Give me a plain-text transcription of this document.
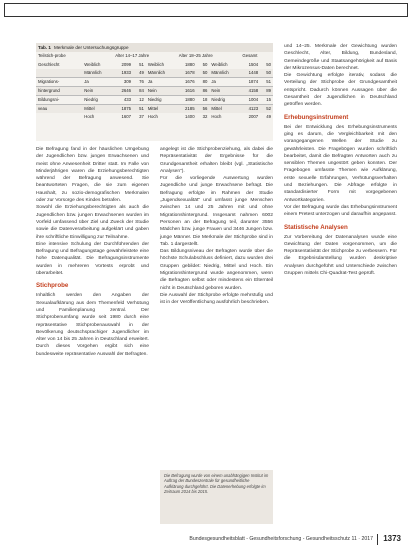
Tab. 1 Merkmale der Untersuchungsgruppe
Teilstich-probe		Alter 14–17 Jahre			Alter 18–25 Jahre			Gesamt	
Geschlecht	Weiblich	2099	51	Weiblich	1880	50	Weiblich	1504	50
	Männlich	1933	49	Männlich	1678	50	Männlich	1448	50
Migrations-	Ja	309	76	Ja	1676	80	Ja	1874	51
hintergrund	Nein	2646	84	Nein	1616	86	Nein	4158	89
Bildungsni-	Niedrig	433	12	Niedrig	1880	18	Niedrig	1004	15
veau	Mittel	1875	51	Mittel	2185	56	Mittel	4123	52
	Hoch	1607	37	Hoch	1400	32	Hoch	2007	49

Die Befragung fand in der häuslichen Umgebung der Jugendlichen bzw. jungen Erwachsenen und meist ohne Anwesenheit Dritter statt. Im Falle von Minderjährigen waren die Erziehungsberechtigten während der Befragung anwesend. Sie beantworteten Fragen, die sie zum eigenen Haushalt, zu sozio-demografischen Merkmalen oder zur Vorsorge des Kindes betrafen.

Sowohl die Erziehungsberechtigten als auch die Jugendlichen bzw. jungen Erwachsenen wurden im Vorfeld umfassend über Ziel und Zweck der Studie sowie die Datenverarbeitung aufgeklärt und gaben ihre schriftliche Einwilligung zur Teilnahme.

Eine intensive Schulung der Durchführenden der Befragung und Befragungstage gewährleistete eine hohe Datenqualität. Die Befragungsinstrumente wurden in mehreren Vortests erprobt und überarbeitet.

Stichprobe

Inhaltlich werden den Angaben der Sexualaufklärung aus dem Themenfeld Verhütung und Familienplanung zentral. Der Stichprobenumfang wurde seit 1980 durch eine repräsentative Stichprobenauswahl in der Bevölkerung deutschsprachiger Jugendlicher im Alter von 14 bis 25 Jahren in Deutschland erweitert. Durch dieses Vorgehen ergibt sich eine bundesweite repräsentative Auswahl der Befragten.

angelegt ist die Stichprobenziehung, als dabei die Repräsentativität der Ergebnisse für die Grundgesamtheit erhalten bleibt (vgl. „Statistische Analysen“).

Für die vorliegende Auswertung wurden Jugendliche und junge Erwachsene befragt. Die Befragung erfolgte im Rahmen der Studie „Jugendsexualität“ und umfasst junge Menschen zwischen 14 und 25 Jahren mit und ohne Migrationshintergrund. Insgesamt nahmen 6002 Personen an der Befragung teil, darunter 3556 Mädchen bzw. junge Frauen und 3446 Jungen bzw. junge Männer. Die Merkmale der Stichprobe sind in Tab. 1 dargestellt.

Das Bildungsniveau der Befragten wurde über die höchste Schulabschluss definiert, dazu wurden drei Gruppen gebildet: Niedrig, Mittel und Hoch. Ein Migrationshintergrund wurde angenommen, wenn die Befragten selbst oder mindestens ein Elternteil nicht in Deutschland geboren wurden.

Die Auswahl der Stichprobe erfolgte mehrstufig und ist in der Veröffentlichung ausführlich beschrieben.

Die Befragung wurde von einem unabhängigen Institut im Auftrag der Bundeszentrale für gesundheitliche Aufklärung durchgeführt. Die Datenerhebung erfolgte im Zeitraum 2014 bis 2015.

und 14–25. Merkmale der Gewichtung wurden Geschlecht, Alter, Bildung, Bundesland, Gemeindegröße und Staatsangehörigkeit auf Basis der Mikrozensus-Daten berechnet.

Die Gewichtung erfolgte iterativ, sodass die Verteilung der Stichprobe der Grundgesamtheit entspricht. Dadurch können Aussagen über die Gesamtheit der Jugendlichen in Deutschland getroffen werden.

Erhebungsinstrument

Bei der Entwicklung des Erhebungsinstruments ging es darum, die Vergleichbarkeit mit den vorangegangenen Wellen der Studie zu gewährleisten. Die Fragebögen wurden schriftlich bearbeitet, damit die Befragten Antworten auch zu sensiblen Themen ungestört geben konnten. Der Fragebogen umfasste Themen wie Aufklärung, erste sexuelle Erfahrungen, Verhütungsverhalten und Beziehungen. Die Abfrage erfolgte in standardisierter Form mit vorgegebenen Antwortkategorien.

Vor der Befragung wurde das Erhebungsinstrument einem Pretest unterzogen und daraufhin angepasst.

Statistische Analysen

Zur Vorbereitung der Datenanalysen wurde eine Gewichtung der Daten vorgenommen, um die Repräsentativität der Stichprobe zu verbessern. Für die Ergebnisdarstellung wurden deskriptive Analysen durchgeführt und Unterschiede zwischen Gruppen mittels Chi-Quadrat-Test geprüft.

Bundesgesundheitsblatt - Gesundheitsforschung - Gesundheitsschutz 11 · 2017 1373
